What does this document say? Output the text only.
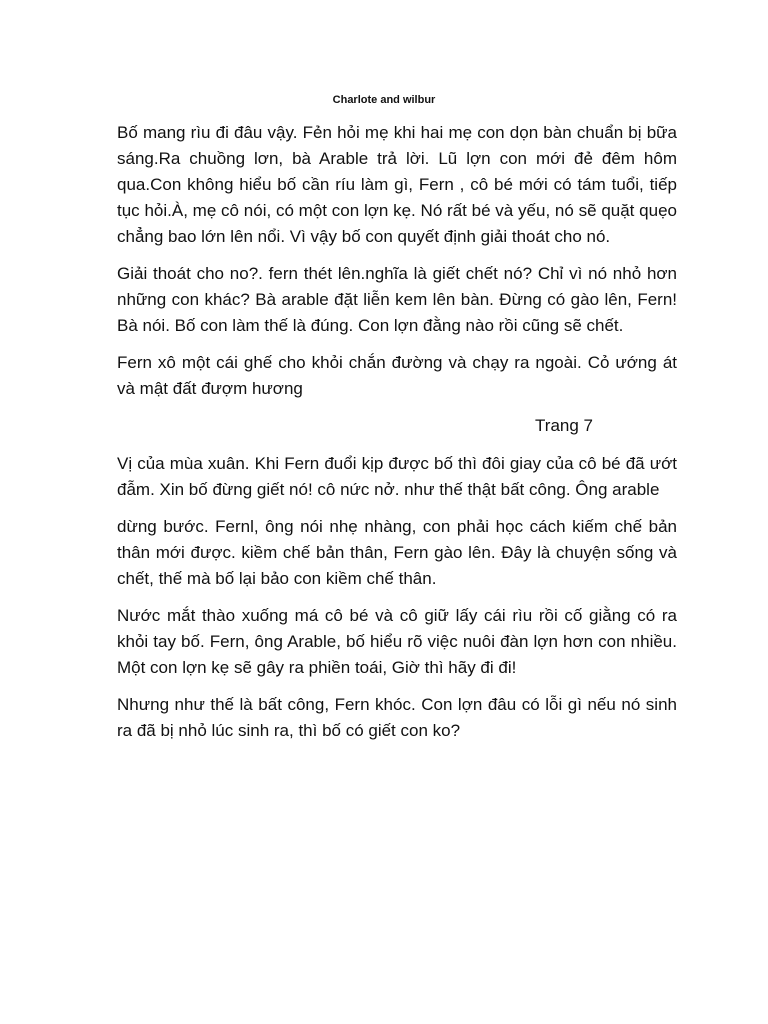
Charlote and wilbur

Bố mang rìu đi đâu vậy. Fẻn hỏi mẹ khi hai mẹ con dọn bàn chuẩn bị bữa sáng.Ra chuồng lơn, bà Arable trả lời. Lũ lợn con mới đẻ đêm hôm qua.Con không hiểu bố cần ríu làm gì, Fern , cô bé mới có tám tuổi, tiếp tục hỏi.À, mẹ cô nói, có một con lợn kẹ. Nó rất bé và yếu, nó sẽ quặt quẹo chẳng bao lớn lên nổi. Vì vậy bố con quyết định giải thoát cho nó.

Giải thoát cho no?. fern thét lên.nghĩa là giết chết nó? Chỉ vì nó nhỏ hơn những con khác? Bà arable đặt liễn kem lên bàn. Đừng có gào lên, Fern! Bà nói. Bố con làm thế là đúng. Con lợn đằng nào rồi cũng sẽ chết.

Fern xô một cái ghế cho khỏi chắn đường và chạy ra ngoài. Cỏ ướng át và mật đất đượm hương

Trang 7

Vị của mùa xuân. Khi Fern đuổi kịp được bố thì đôi giay của cô bé đã ướt đẫm. Xin bố đừng giết nó! cô nức nở. như thế thật bất công. Ông arable

dừng bước. Fernl, ông nói nhẹ nhàng, con phải học cách kiếm chế bản thân mới được. kiềm chế bản thân, Fern gào lên. Đây là chuyện sống và chết, thế mà bố lại bảo con kiềm chế thân.

Nước mắt thào xuống má cô bé và cô giữ lấy cái rìu rồi cố giằng có ra khỏi tay bố. Fern, ông Arable, bố hiểu rõ việc nuôi đàn lợn hơn con nhiều. Một con lợn kẹ sẽ gây ra phiền toái, Giờ thì hãy đi đi!

Nhưng như thế là bất công, Fern khóc. Con lợn đâu có lỗi gì nếu nó sinh ra đã bị nhỏ lúc sinh ra, thì bố có giết con ko?
